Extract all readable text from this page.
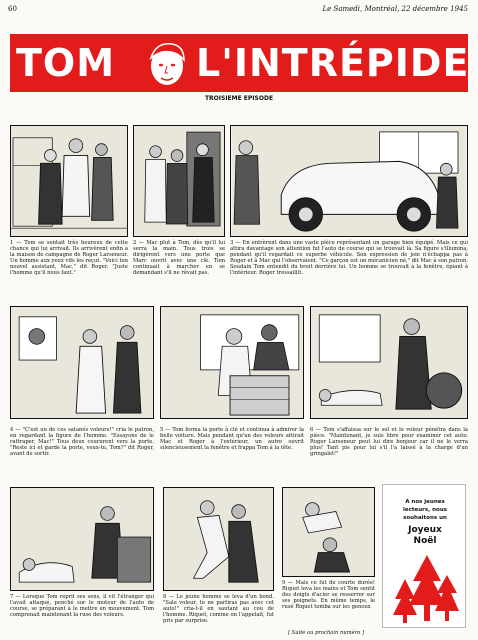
60	Le Samedi, Montréal, 22 décembre 1945
TOM L'INTRÉPIDE
TROISIEME EPISODE
1 — Tom se sentait très heureux de cette chance qui lui arrivait. Ils arrivèrent enfin à la maison de campagne de Roger Larseneur. Un homme aux yeux vifs les reçut. "Voici ton nouvel assistant, Mac," dit Roger. "Juste l'homme qu'il nous faut."
2 — Mac plut à Tom, dès qu'il lui serra la main. Tous trois se dirigèrent vers une porte que Marc ouvrit avec une clé. Tom continuait à marcher en se demandant s'il ne rêvait pas.
3 — En entrèrent dans une vaste pièce représentant un garage bien équipé. Mais ce qui attira davantage son attention fut l'auto de course qui se trouvait là. Sa figure s'illumina, pendant qu'il regardait ce superbe véhicule. Son expression de joie n'échappa pas à Roger et à Mac qui l'observaient. "Ce garçon est un mécanicien né," dit Mac à son patron. Soudain Tom entendit du bruit derrière lui. Un homme se trouvait à la fenêtre, épiant à l'intérieur. Roger tressaillit.
4 — "C'est un de ces satanés voleurs!" cria le patron, en regardant la figure de l'homme. "Essayons de le rattraper, Mac!" Tous deux coururent vers la porte. "Reste ici et garde la porte, veux-tu, Tom?" dit Roger, avant de sortir.
5 — Tom ferma la porte à clé et continua à admirer la belle voiture. Mais pendant qu'un des voleurs attirait Mac et Roger à l'extérieur, un autre ouvrit silencieusement la fenêtre et frappa Tom à la tête.
6 — Tom s'affaissa sur le sol et le voleur pénétra dans la pièce. "Maintenant, je suis libre pour examiner cet auto. Roger Larseneur peut lui dire bonjour car il ne le verra plus! Tant pis pour lui s'il l'a laissé à la charge d'un gringalet!"
7 — Lorsque Tom reprit ses sens, il vit l'étranger qui l'avait attaqué, penché sur le moteur de l'auto de course, se préparant à le mettre en mouvement. Tom comprenait maintenant la ruse des voleurs.
8 — Le jeune homme se leva d'un bond. "Sale voleur, tu ne partiras pas avec cet auto!" cria-t-il en sautant au cou de l'homme. Riquet, comme on l'appelait, fut pris par surprise.
9 — Mais ce fut de courte durée! Riquet leva les mains et Tom sentit des doigts d'acier se resserrer sur ses poignets. En même temps, le rusé Riquet tomba sur les genoux
[ Suite au prochain numéro ]
A nos jeunes
lecteurs, nous
souhaitons un
Joyeux
Noël
